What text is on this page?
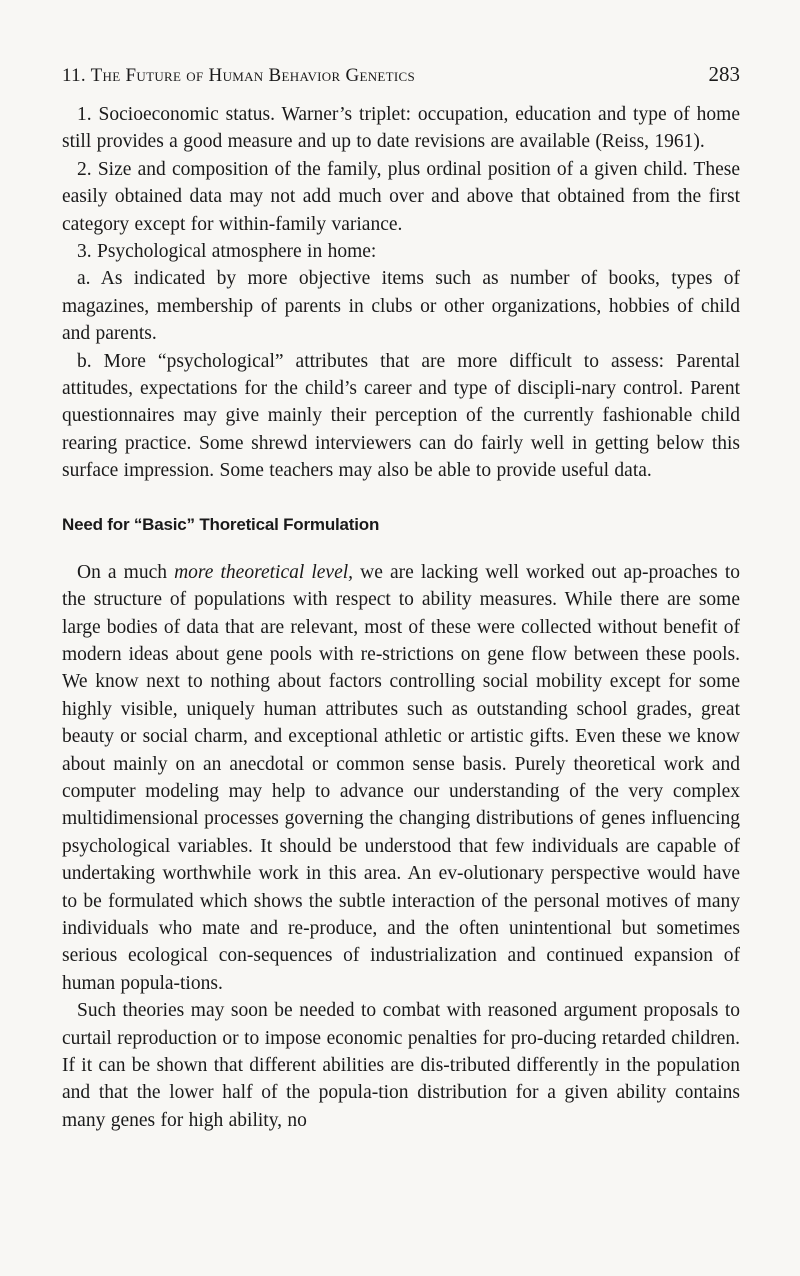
11. The Future of Human Behavior Genetics	283

1. Socioeconomic status. Warner’s triplet: occupation, education and type of home still provides a good measure and up to date revisions are available (Reiss, 1961).

2. Size and composition of the family, plus ordinal position of a given child. These easily obtained data may not add much over and above that obtained from the first category except for within-family variance.

3. Psychological atmosphere in home:

a. As indicated by more objective items such as number of books, types of magazines, membership of parents in clubs or other organizations, hobbies of child and parents.

b. More “psychological” attributes that are more difficult to assess: Parental attitudes, expectations for the child’s career and type of discipli-nary control. Parent questionnaires may give mainly their perception of the currently fashionable child rearing practice. Some shrewd interviewers can do fairly well in getting below this surface impression. Some teachers may also be able to provide useful data.

Need for “Basic” Thoretical Formulation

On a much more theoretical level, we are lacking well worked out ap-proaches to the structure of populations with respect to ability measures. While there are some large bodies of data that are relevant, most of these were collected without benefit of modern ideas about gene pools with re-strictions on gene flow between these pools. We know next to nothing about factors controlling social mobility except for some highly visible, uniquely human attributes such as outstanding school grades, great beauty or social charm, and exceptional athletic or artistic gifts. Even these we know about mainly on an anecdotal or common sense basis. Purely theoretical work and computer modeling may help to advance our understanding of the very complex multidimensional processes governing the changing distributions of genes influencing psychological variables. It should be understood that few individuals are capable of undertaking worthwhile work in this area. An ev-olutionary perspective would have to be formulated which shows the subtle interaction of the personal motives of many individuals who mate and re-produce, and the often unintentional but sometimes serious ecological con-sequences of industrialization and continued expansion of human popula-tions.

Such theories may soon be needed to combat with reasoned argument proposals to curtail reproduction or to impose economic penalties for pro-ducing retarded children. If it can be shown that different abilities are dis-tributed differently in the population and that the lower half of the popula-tion distribution for a given ability contains many genes for high ability, no
